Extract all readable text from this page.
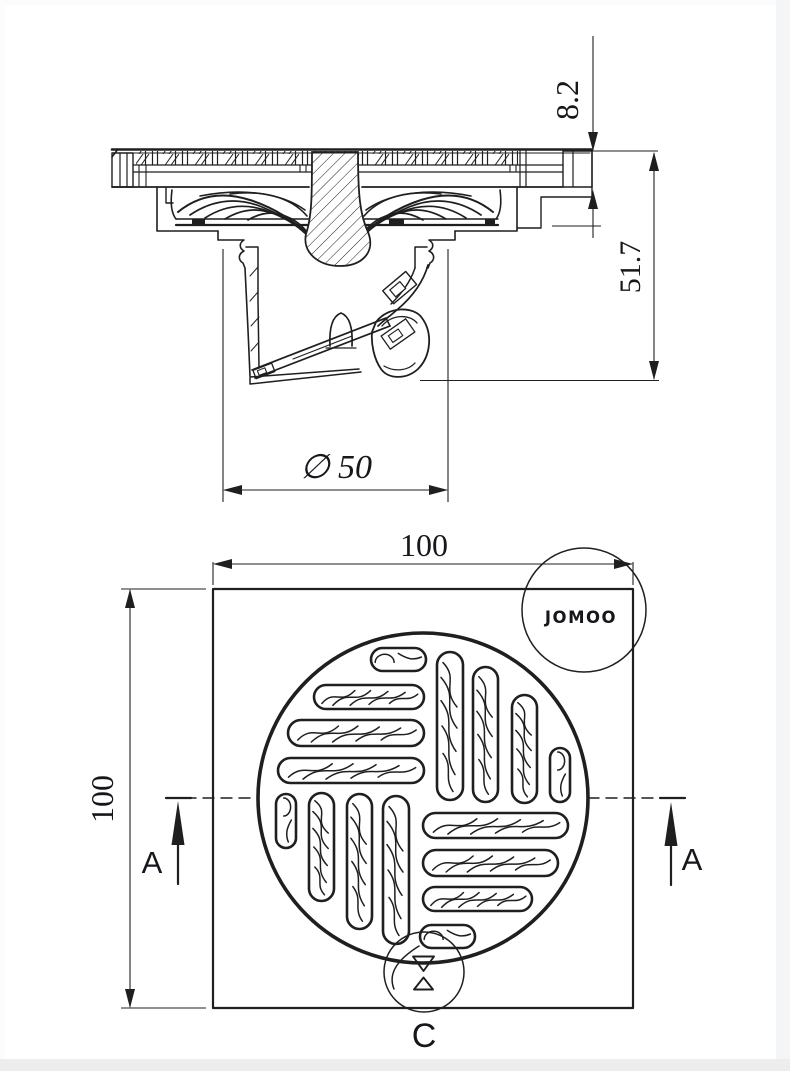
8.2
51.7
∅ 50
A	A
JOMOO
C
100
100
